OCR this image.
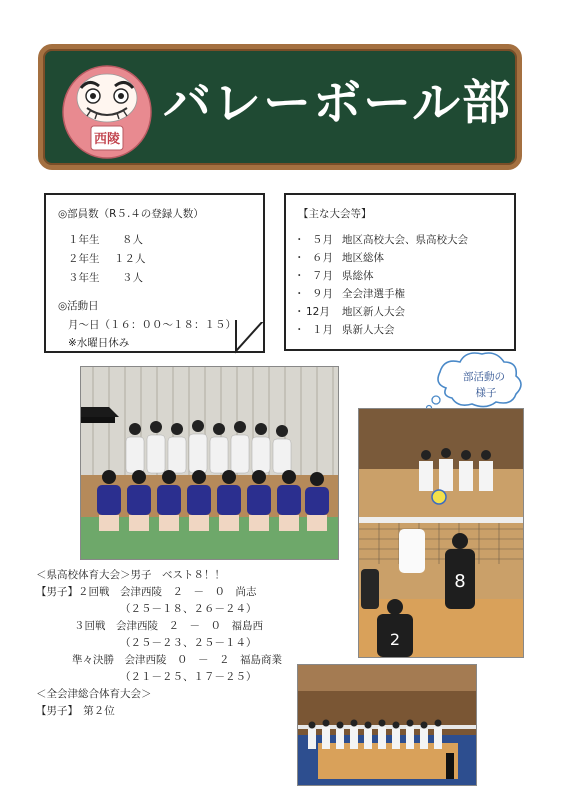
西陵
バレーボール部
◎部員数（R５.４の登録人数）
１年生 ８人
２年生 １２人
３年生 ３人
◎活動日
月～日（１６：００～１８：１５）
※水曜日休み
【主な大会等】
・ ５月 地区高校大会、県高校大会
・ ６月 地区総体
・ ７月 県総体
・ ９月 全会津選手権
・ 12月 地区新人大会
・ １月 県新人大会
部活動の
様子
8
2
＜県高校体育大会＞男子　ベスト８！！
【男子】２回戦　会津西陵　２　－　０　尚志
（２５－１８、２６－２４）
３回戦　会津西陵　２　－　０　福島西
（２５－２３、２５－１４）
準々決勝　会津西陵　０　－　２　福島商業
（２１－２５、１７－２５）
＜全会津総合体育大会＞
【男子】　第２位
